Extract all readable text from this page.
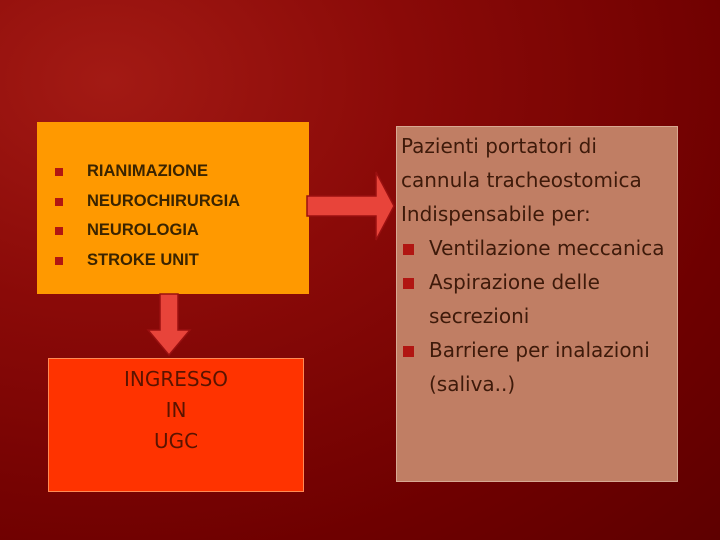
RIANIMAZIONE
NEUROCHIRURGIA
NEUROLOGIA
STROKE UNIT
INGRESSO
IN
UGC
Pazienti portatori di
cannula tracheostomica
Indispensabile per:
Ventilazione meccanica
Aspirazione delle secrezioni
Barriere per inalazioni (saliva..)
